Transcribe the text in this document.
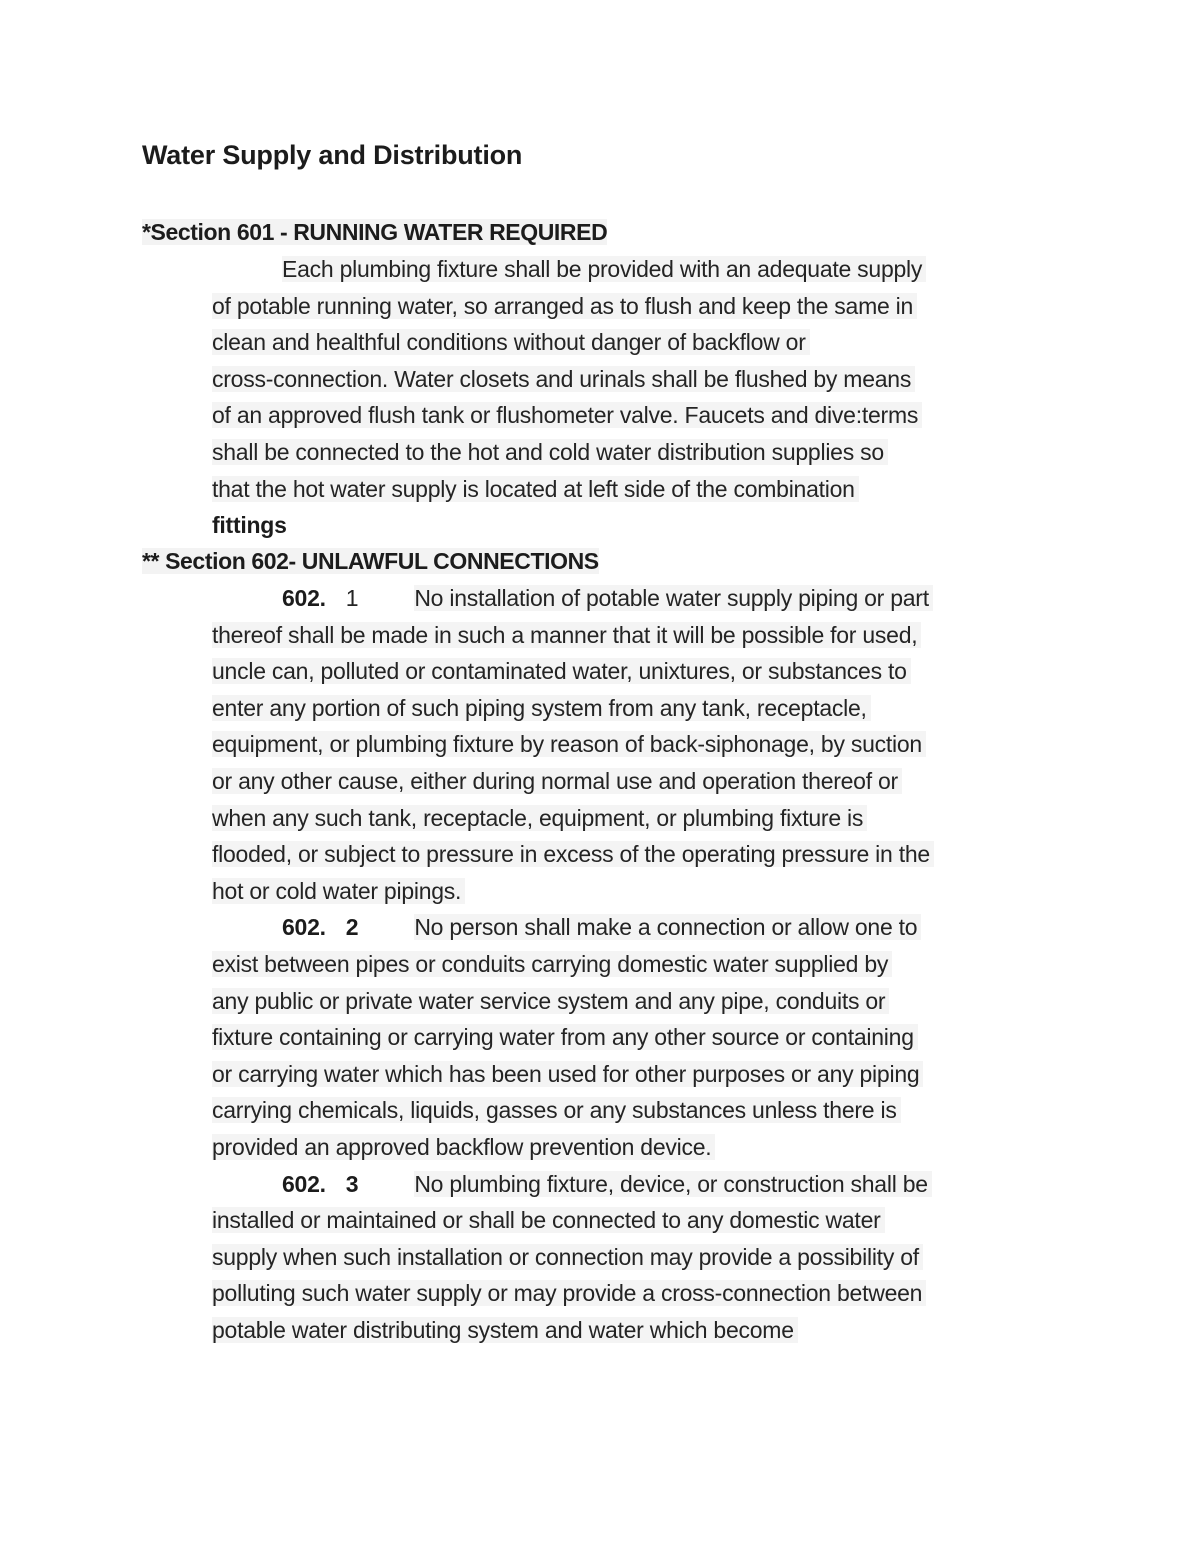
Water Supply and Distribution
*Section 601 - RUNNING WATER REQUIRED
Each plumbing fixture shall be provided with an adequate supply
of potable running water, so arranged as to flush and keep the same in
clean and healthful conditions without danger of backflow or
cross-connection. Water closets and urinals shall be flushed by means
of an approved flush tank or flushometer valve. Faucets and dive:terms
shall be connected to the hot and cold water distribution supplies so
that the hot water supply is located at left side of the combination
fittings
** Section 602- UNLAWFUL CONNECTIONS
602. 1 No installation of potable water supply piping or part
thereof shall be made in such a manner that it will be possible for used,
uncle can, polluted or contaminated water, unixtures, or substances to
enter any portion of such piping system from any tank, receptacle,
equipment, or plumbing fixture by reason of back-siphonage, by suction
or any other cause, either during normal use and operation thereof or
when any such tank, receptacle, equipment, or plumbing fixture is
flooded, or subject to pressure in excess of the operating pressure in the
hot or cold water pipings.
602. 2 No person shall make a connection or allow one to
exist between pipes or conduits carrying domestic water supplied by
any public or private water service system and any pipe, conduits or
fixture containing or carrying water from any other source or containing
or carrying water which has been used for other purposes or any piping
carrying chemicals, liquids, gasses or any substances unless there is
provided an approved backflow prevention device.
602. 3 No plumbing fixture, device, or construction shall be
installed or maintained or shall be connected to any domestic water
supply when such installation or connection may provide a possibility of
polluting such water supply or may provide a cross-connection between
potable water distributing system and water which become
